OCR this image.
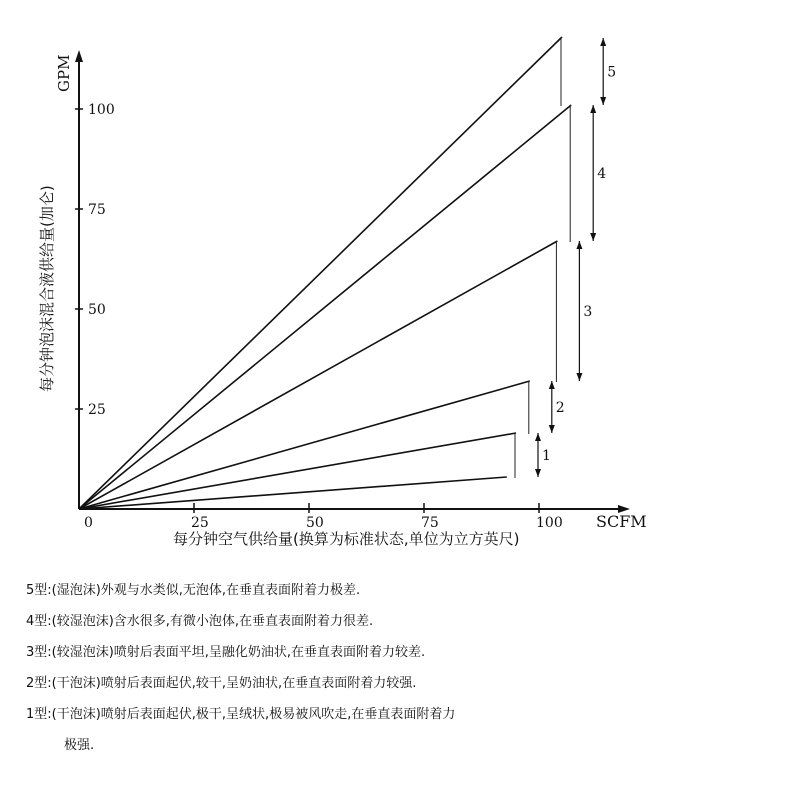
25
50
75
100
25	50	75	100
1
2
3
4
5
GPM
每分钟泡沫混合液供给量(加仑)
SCFM
每分钟空气供给量(换算为标准状态,单位为立方英尺)
0
5型:(湿泡沫)外观与水类似,无泡体,在垂直表面附着力极差.
4型:(较湿泡沫)含水很多,有微小泡体,在垂直表面附着力很差.
3型:(较湿泡沫)喷射后表面平坦,呈融化奶油状,在垂直表面附着力较差.
2型:(干泡沫)喷射后表面起伏,较干,呈奶油状,在垂直表面附着力较强.
1型:(干泡沫)喷射后表面起伏,极干,呈绒状,极易被风吹走,在垂直表面附着力
极强.
